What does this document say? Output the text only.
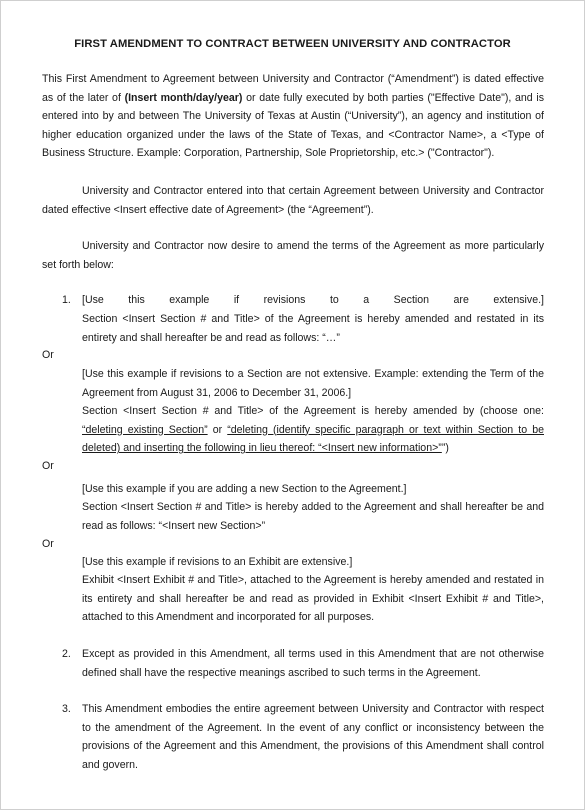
FIRST AMENDMENT TO CONTRACT BETWEEN UNIVERSITY AND CONTRACTOR
This First Amendment to Agreement between University and Contractor (“Amendment”) is dated effective as of the later of (Insert month/day/year) or date fully executed by both parties ("Effective Date"), and is entered into by and between The University of Texas at Austin (“University”), an agency and institution of higher education organized under the laws of the State of Texas, and <Contractor Name>, a <Type of Business Structure. Example: Corporation, Partnership, Sole Proprietorship, etc.> ("Contractor").
University and Contractor entered into that certain Agreement between University and Contractor dated effective <Insert effective date of Agreement> (the “Agreement”).
University and Contractor now desire to amend the terms of the Agreement as more particularly set forth below:
1. [Use this example if revisions to a Section are extensive.]
Section <Insert Section # and Title> of the Agreement is hereby amended and restated in its entirety and shall hereafter be and read as follows: “…”
Or
[Use this example if revisions to a Section are not extensive. Example: extending the Term of the Agreement from August 31, 2006 to December 31, 2006.]
Section <Insert Section # and Title> of the Agreement is hereby amended by (choose one: “deleting existing Section” or “deleting (identify specific paragraph or text within Section to be deleted) and inserting the following in lieu thereof: “<Insert new information>””)
Or
[Use this example if you are adding a new Section to the Agreement.]
Section <Insert Section # and Title> is hereby added to the Agreement and shall hereafter be and read as follows: “<Insert new Section>”
Or
[Use this example if revisions to an Exhibit are extensive.]
Exhibit <Insert Exhibit # and Title>, attached to the Agreement is hereby amended and restated in its entirety and shall hereafter be and read as provided in Exhibit <Insert Exhibit # and Title>, attached to this Amendment and incorporated for all purposes.
2. Except as provided in this Amendment, all terms used in this Amendment that are not otherwise defined shall have the respective meanings ascribed to such terms in the Agreement.
3. This Amendment embodies the entire agreement between University and Contractor with respect to the amendment of the Agreement. In the event of any conflict or inconsistency between the provisions of the Agreement and this Amendment, the provisions of this Amendment shall control and govern.
